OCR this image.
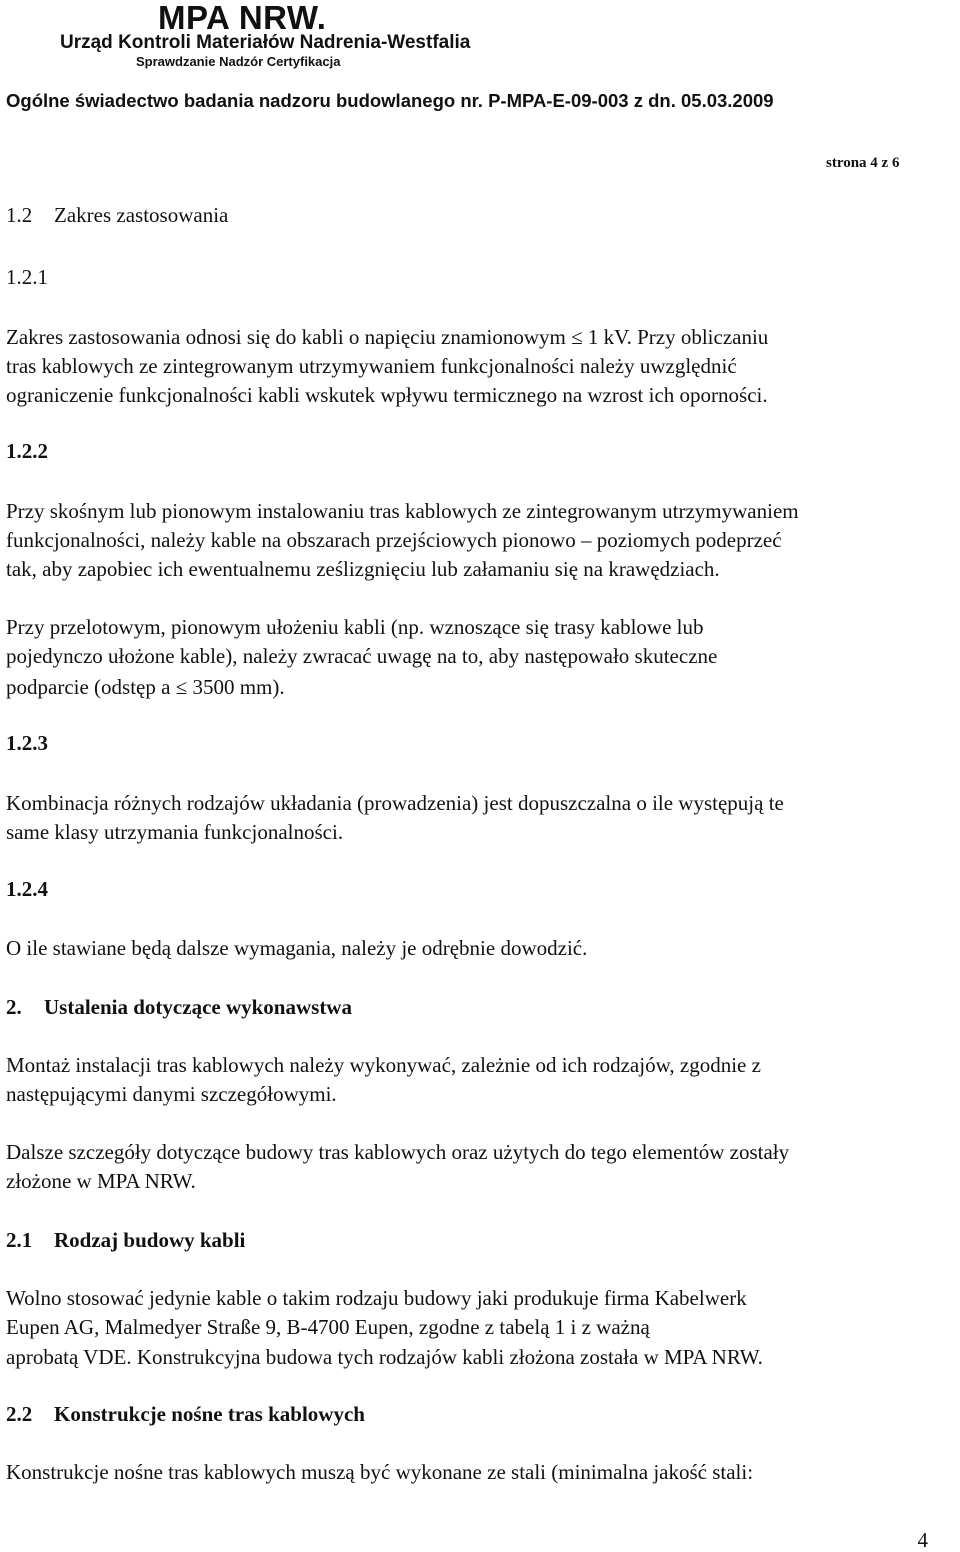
MPA NRW.
Urząd Kontroli Materiałów Nadrenia-Westfalia
Sprawdzanie Nadzór Certyfikacja
Ogólne świadectwo badania nadzoru budowlanego nr. P-MPA-E-09-003 z dn. 05.03.2009
strona 4 z 6
1.2 Zakres zastosowania
1.2.1
Zakres zastosowania odnosi się do kabli o napięciu znamionowym ≤ 1 kV. Przy obliczaniu
tras kablowych ze zintegrowanym utrzymywaniem funkcjonalności należy uwzględnić
ograniczenie funkcjonalności kabli wskutek wpływu termicznego na wzrost ich oporności.
1.2.2
Przy skośnym lub pionowym instalowaniu tras kablowych ze zintegrowanym utrzymywaniem
funkcjonalności, należy kable na obszarach przejściowych pionowo – poziomych podeprzeć
tak, aby zapobiec ich ewentualnemu ześlizgnięciu lub załamaniu się na krawędziach.
Przy przelotowym, pionowym ułożeniu kabli (np. wznoszące się trasy kablowe lub
pojedynczo ułożone kable), należy zwracać uwagę na to, aby następowało skuteczne
podparcie (odstęp a ≤ 3500 mm).
1.2.3
Kombinacja różnych rodzajów układania (prowadzenia) jest dopuszczalna o ile występują te
same klasy utrzymania funkcjonalności.
1.2.4
O ile stawiane będą dalsze wymagania, należy je odrębnie dowodzić.
2. Ustalenia dotyczące wykonawstwa
Montaż instalacji tras kablowych należy wykonywać, zależnie od ich rodzajów, zgodnie z
następującymi danymi szczegółowymi.
Dalsze szczegóły dotyczące budowy tras kablowych oraz użytych do tego elementów zostały
złożone w MPA NRW.
2.1 Rodzaj budowy kabli
Wolno stosować jedynie kable o takim rodzaju budowy jaki produkuje firma Kabelwerk
Eupen AG, Malmedyer Straße 9, B-4700 Eupen, zgodne z tabelą 1 i z ważną
aprobatą VDE. Konstrukcyjna budowa tych rodzajów kabli złożona została w MPA NRW.
2.2 Konstrukcje nośne tras kablowych
Konstrukcje nośne tras kablowych muszą być wykonane ze stali (minimalna jakość stali:
4
